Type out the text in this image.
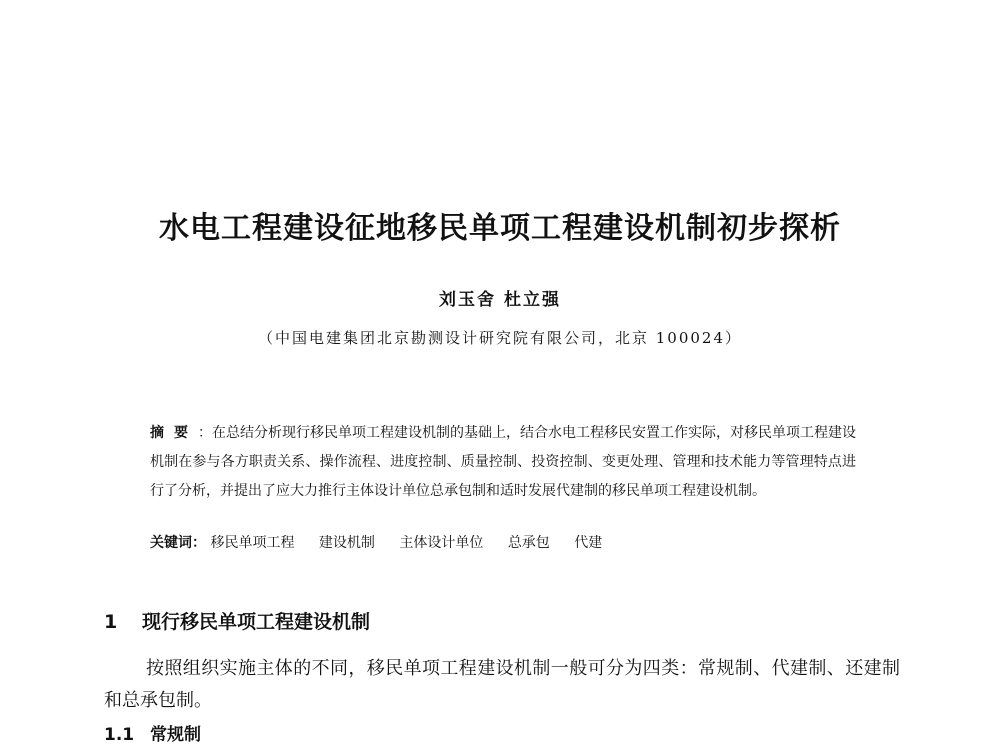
水电工程建设征地移民单项工程建设机制初步探析
刘玉舍 杜立强
（中国电建集团北京勘测设计研究院有限公司，北京 100024）
摘要：在总结分析现行移民单项工程建设机制的基础上，结合水电工程移民安置工作实际，对移民单项工程建设机制在参与各方职责关系、操作流程、进度控制、质量控制、投资控制、变更处理、管理和技术能力等管理特点进行了分析，并提出了应大力推行主体设计单位总承包制和适时发展代建制的移民单项工程建设机制。
关键词： 移民单项工程 建设机制 主体设计单位 总承包 代建
1 现行移民单项工程建设机制
按照组织实施主体的不同，移民单项工程建设机制一般可分为四类：常规制、代建制、还建制和总承包制。
1.1 常规制
